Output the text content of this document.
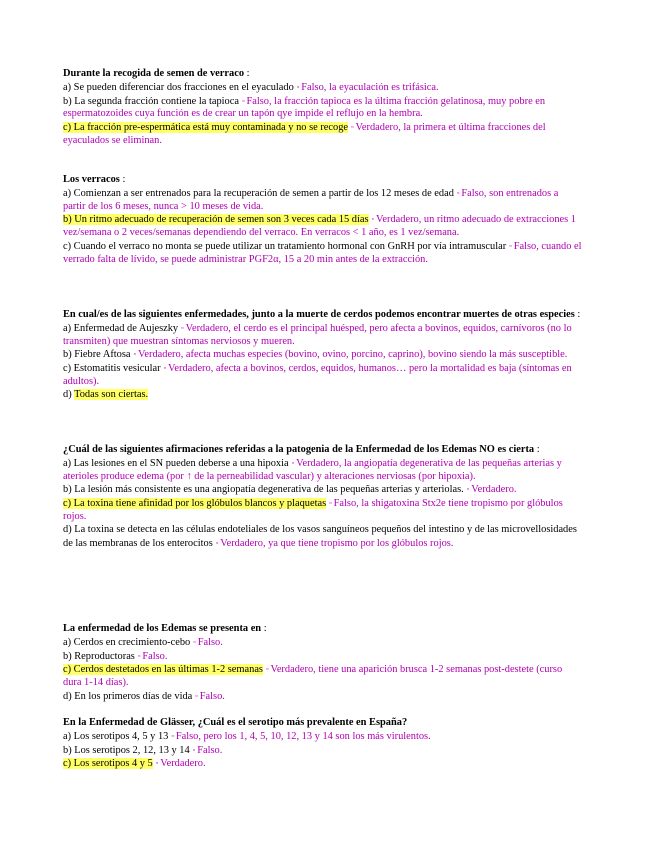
Durante la recogida de semen de verraco :

a) Se pueden diferenciar dos fracciones en el eyaculado ▫ Falso, la eyaculación es trifásica.

b) La segunda fracción contiene la tapioca ▫ Falso, la fracción tapioca es la última fracción gelatinosa, muy pobre en espermatozoides cuya función es de crear un tapón qye impide el reflujo en la hembra.

c) La fracción pre-espermática está muy contaminada y no se recoge ▫ Verdadero, la primera et última fracciones del eyaculados se eliminan.

Los verracos :

a) Comienzan a ser entrenados para la recuperación de semen a partir de los 12 meses de edad ▫ Falso, son entrenados a partir de los 6 meses, nunca > 10 meses de vida.

b) Un ritmo adecuado de recuperación de semen son 3 veces cada 15 días ▫ Verdadero, un ritmo adecuado de extracciones 1 vez/semana o 2 veces/semanas dependiendo del verraco. En verracos < 1 año, es 1 vez/semana.

c) Cuando el verraco no monta se puede utilizar un tratamiento hormonal con GnRH por vía intramuscular ▫ Falso, cuando el verrado falta de lívido, se puede administrar PGF2α, 15 a 20 min antes de la extracción.

En cual/es de las siguientes enfermedades, junto a la muerte de cerdos podemos encontrar muertes de otras especies :

a) Enfermedad de Aujeszky ▫ Verdadero, el cerdo es el principal huésped, pero afecta a bovinos, equidos, carnívoros (no lo transmiten) que muestran síntomas nerviosos y mueren.

b) Fiebre Aftosa ▫ Verdadero, afecta muchas especies (bovino, ovino, porcino, caprino), bovino siendo la más susceptible.

c) Estomatitis vesicular ▫ Verdadero, afecta a bovinos, cerdos, equidos, humanos… pero la mortalidad es baja (síntomas en adultos).

d) Todas son ciertas.

¿Cuál de las siguientes afirmaciones referidas a la patogenia de la Enfermedad de los Edemas NO es cierta :

a) Las lesiones en el SN pueden deberse a una hipoxia ▫ Verdadero, la angiopatía degenerativa de las pequeñas arterias y aterioles produce edema (por ↑ de la perneabilidad vascular) y alteraciones nerviosas (por hipoxia).

b) La lesión más consistente es una angiopatía degenerativa de las pequeñas arterias y arteriolas. ▫ Verdadero.

c) La toxina tiene afinidad por los glóbulos blancos y plaquetas ▫ Falso, la shigatoxina Stx2e tiene tropismo por glóbulos rojos.

d) La toxina se detecta en las células endoteliales de los vasos sanguíneos pequeños del intestino y de las microvellosidades de las membranas de los enterocitos ▫ Verdadero, ya que tiene tropismo por los glóbulos rojos.

La enfermedad de los Edemas se presenta en :

a) Cerdos en crecimiento-cebo ▫ Falso.

b) Reproductoras ▫ Falso.

c) Cerdos destetados en las últimas 1-2 semanas ▫ Verdadero, tiene una aparición brusca 1-2 semanas post-destete (curso dura 1-14 días).

d) En los primeros días de vida ▫ Falso.

En la Enfermedad de Glässer, ¿Cuál es el serotipo más prevalente en España?

a) Los serotipos 4, 5 y 13 ▫ Falso, pero los 1, 4, 5, 10, 12, 13 y 14 son los más virulentos.

b) Los serotipos 2, 12, 13 y 14 ▫ Falso.

c) Los serotipos 4 y 5 ▫ Verdadero.
